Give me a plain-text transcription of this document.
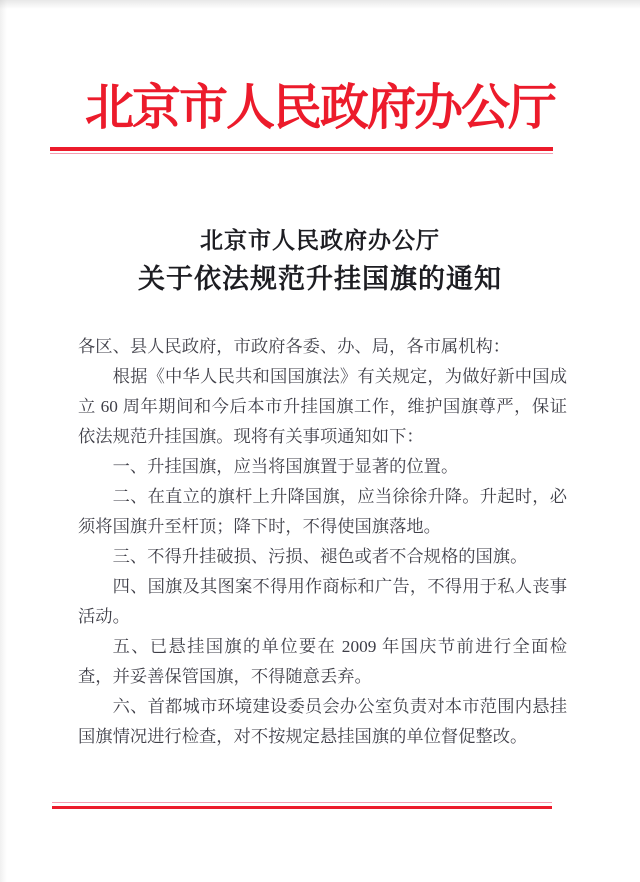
北京市人民政府办公厅
北京市人民政府办公厅
关于依法规范升挂国旗的通知

各区、县人民政府，市政府各委、办、局，各市属机构：

根据《中华人民共和国国旗法》有关规定，为做好新中国成立 60 周年期间和今后本市升挂国旗工作，维护国旗尊严，保证依法规范升挂国旗。现将有关事项通知如下：

一、升挂国旗，应当将国旗置于显著的位置。

二、在直立的旗杆上升降国旗，应当徐徐升降。升起时，必须将国旗升至杆顶；降下时，不得使国旗落地。

三、不得升挂破损、污损、褪色或者不合规格的国旗。

四、国旗及其图案不得用作商标和广告，不得用于私人丧事活动。

五、已悬挂国旗的单位要在 2009 年国庆节前进行全面检查，并妥善保管国旗，不得随意丢弃。

六、首都城市环境建设委员会办公室负责对本市范围内悬挂国旗情况进行检查，对不按规定悬挂国旗的单位督促整改。
